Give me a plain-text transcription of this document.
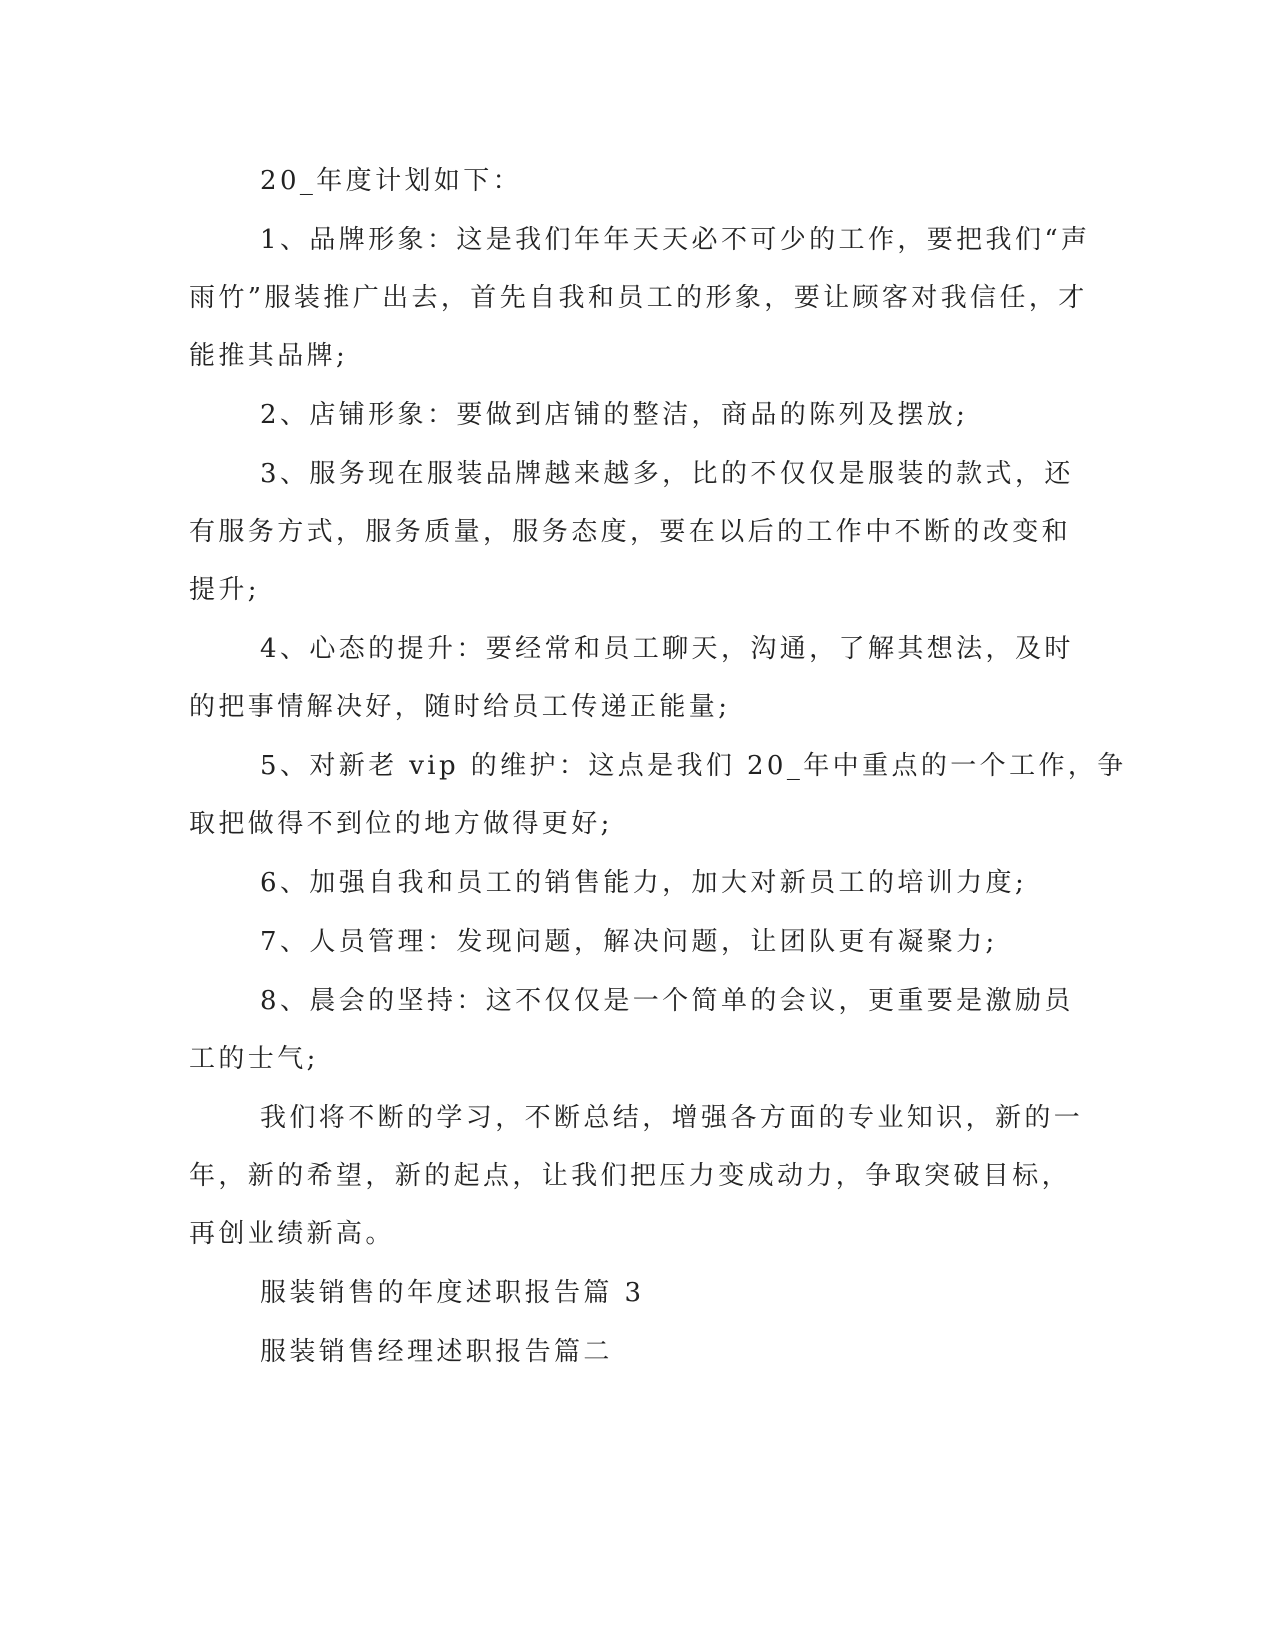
20_年度计划如下：
1、品牌形象：这是我们年年天天必不可少的工作，要把我们“声
雨竹”服装推广出去，首先自我和员工的形象，要让顾客对我信任，才
能推其品牌;
2、店铺形象：要做到店铺的整洁，商品的陈列及摆放;
3、服务现在服装品牌越来越多，比的不仅仅是服装的款式，还
有服务方式，服务质量，服务态度，要在以后的工作中不断的改变和
提升;
4、心态的提升：要经常和员工聊天，沟通，了解其想法，及时
的把事情解决好，随时给员工传递正能量;
5、对新老 vip 的维护：这点是我们 20_年中重点的一个工作，争
取把做得不到位的地方做得更好;
6、加强自我和员工的销售能力，加大对新员工的培训力度;
7、人员管理：发现问题，解决问题，让团队更有凝聚力;
8、晨会的坚持：这不仅仅是一个简单的会议，更重要是激励员
工的士气;
我们将不断的学习，不断总结，增强各方面的专业知识，新的一
年，新的希望，新的起点，让我们把压力变成动力，争取突破目标，
再创业绩新高。
服装销售的年度述职报告篇 3
服装销售经理述职报告篇二
